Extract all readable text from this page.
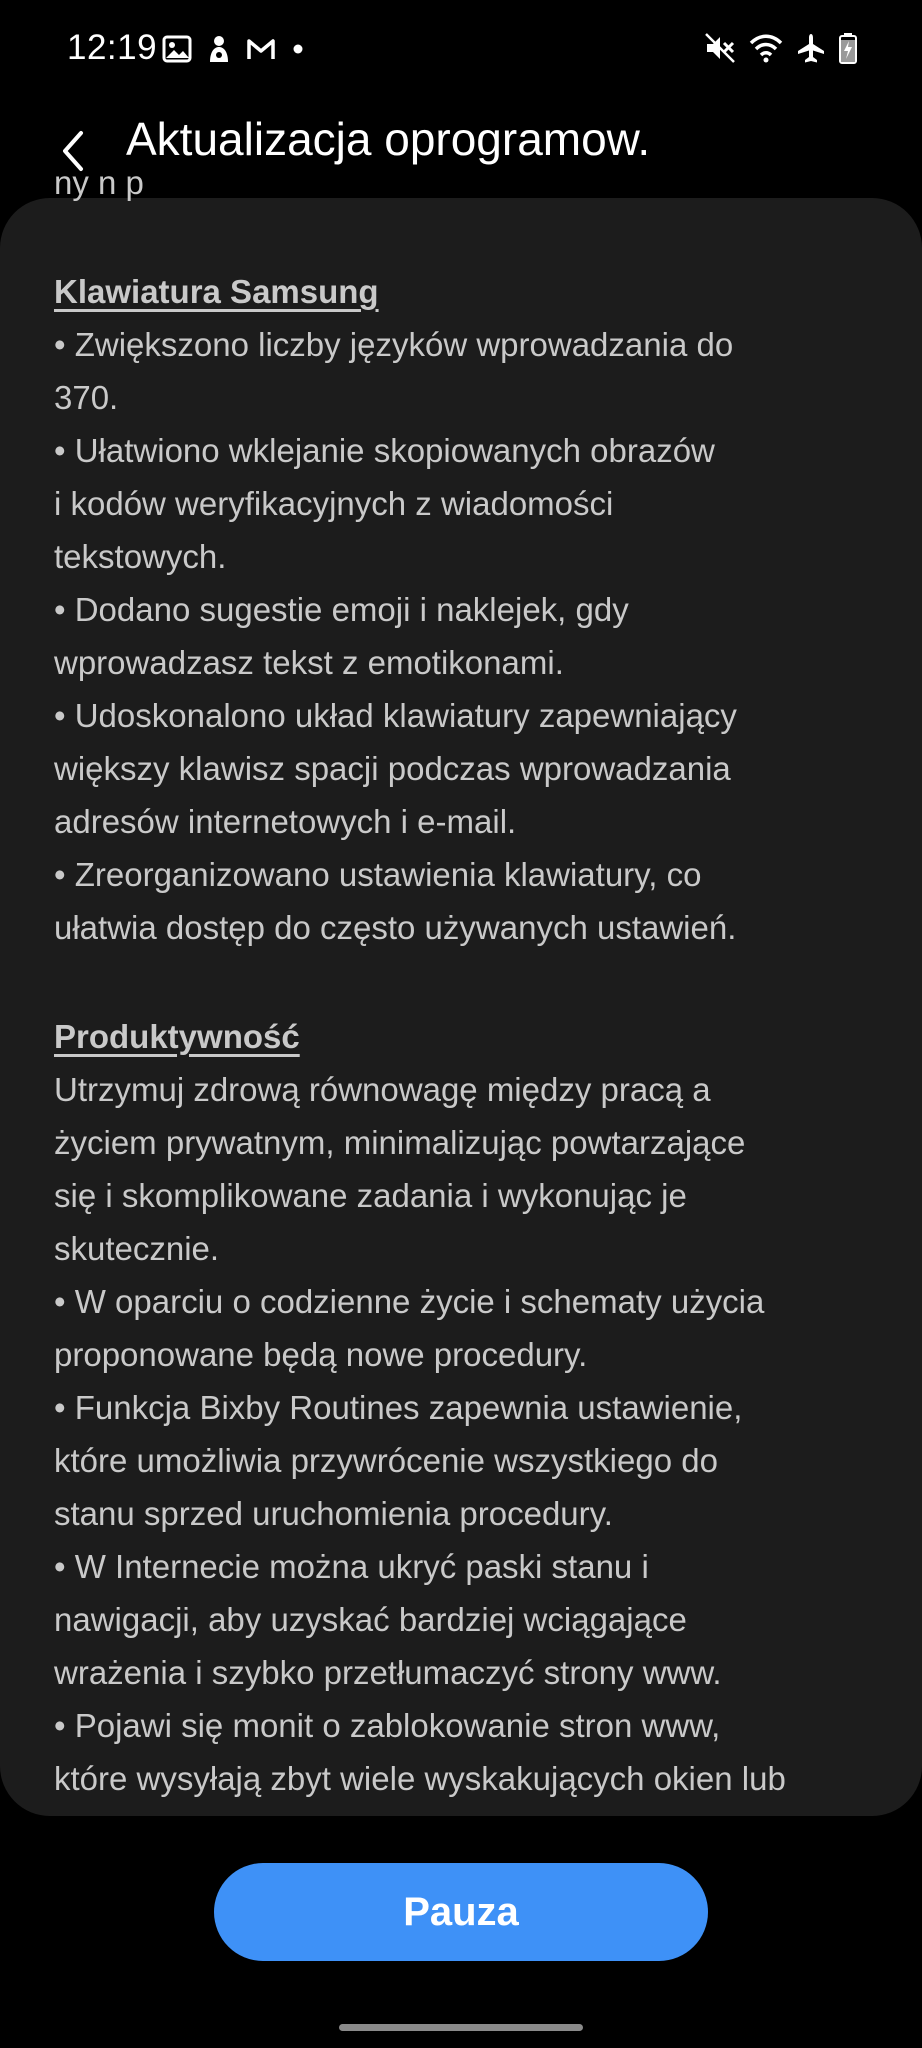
12:19
Aktualizacja oprogramow.
ny n p
Klawiatura Samsung
• Zwiększono liczby języków wprowadzania do
370.
• Ułatwiono wklejanie skopiowanych obrazów
i kodów weryfikacyjnych z wiadomości
tekstowych.
• Dodano sugestie emoji i naklejek, gdy
wprowadzasz tekst z emotikonami.
• Udoskonalono układ klawiatury zapewniający
większy klawisz spacji podczas wprowadzania
adresów internetowych i e-mail.
• Zreorganizowano ustawienia klawiatury, co
ułatwia dostęp do często używanych ustawień.
Produktywność
Utrzymuj zdrową równowagę między pracą a
życiem prywatnym, minimalizując powtarzające
się i skomplikowane zadania i wykonując je
skutecznie.
• W oparciu o codzienne życie i schematy użycia
proponowane będą nowe procedury.
• Funkcja Bixby Routines zapewnia ustawienie,
które umożliwia przywrócenie wszystkiego do
stanu sprzed uruchomienia procedury.
• W Internecie można ukryć paski stanu i
nawigacji, aby uzyskać bardziej wciągające
wrażenia i szybko przetłumaczyć strony www.
• Pojawi się monit o zablokowanie stron www,
które wysyłają zbyt wiele wyskakujących okien lub
Pauza
